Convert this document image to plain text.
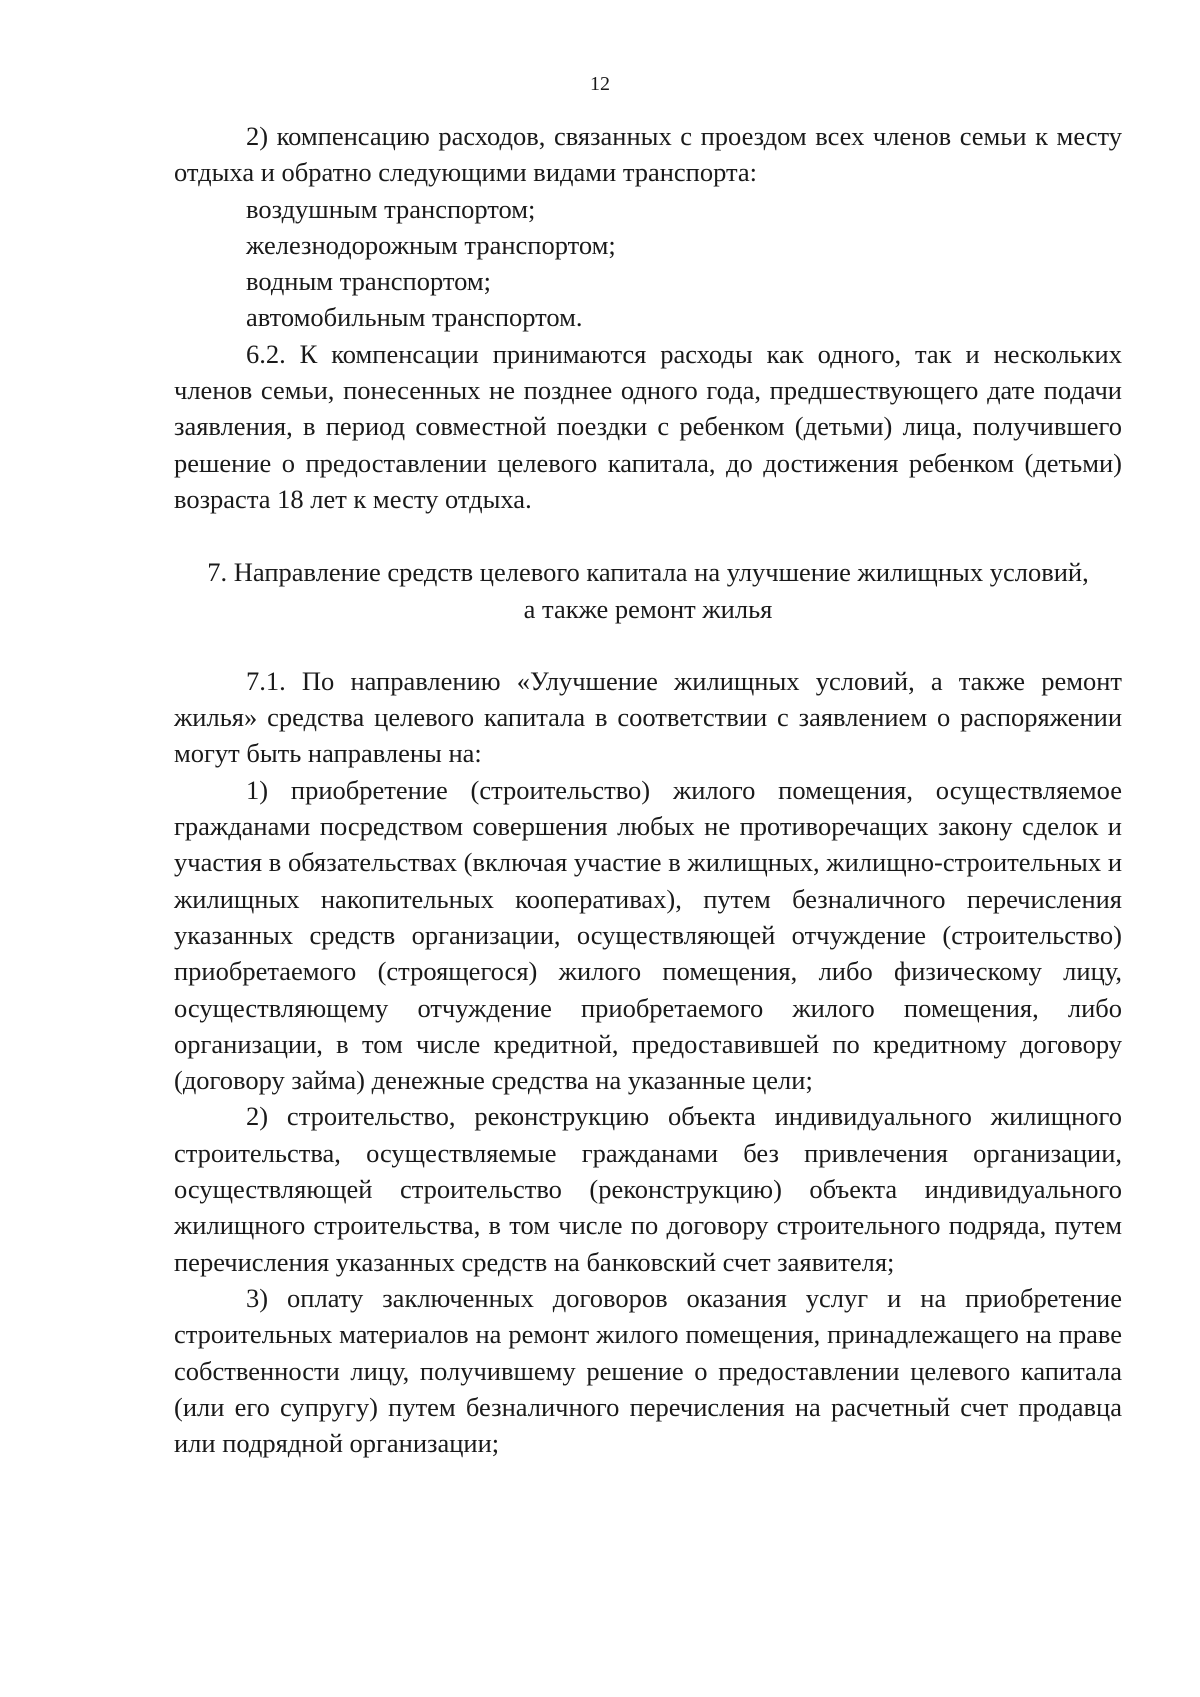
12

2) компенсацию расходов, связанных с проездом всех членов семьи к месту отдыха и обратно следующими видами транспорта:

воздушным транспортом;

железнодорожным транспортом;

водным транспортом;

автомобильным транспортом.

6.2. К компенсации принимаются расходы как одного, так и нескольких членов семьи, понесенных не позднее одного года, предшествующего дате подачи заявления, в период совместной поездки с ребенком (детьми) лица, получившего решение о предоставлении целевого капитала, до достижения ребенком (детьми) возраста 18 лет к месту отдыха.

7. Направление средств целевого капитала на улучшение жилищных условий,
а также ремонт жилья

7.1. По направлению «Улучшение жилищных условий, а также ремонт жилья» средства целевого капитала в соответствии с заявлением о распоряжении могут быть направлены на:

1) приобретение (строительство) жилого помещения, осуществляемое гражданами посредством совершения любых не противоречащих закону сделок и участия в обязательствах (включая участие в жилищных, жилищно-строительных и жилищных накопительных кооперативах), путем безналичного перечисления указанных средств организации, осуществляющей отчуждение (строительство) приобретаемого (строящегося) жилого помещения, либо физическому лицу, осуществляющему отчуждение приобретаемого жилого помещения, либо организации, в том числе кредитной, предоставившей по кредитному договору (договору займа) денежные средства на указанные цели;

2) строительство, реконструкцию объекта индивидуального жилищного строительства, осуществляемые гражданами без привлечения организации, осуществляющей строительство (реконструкцию) объекта индивидуального жилищного строительства, в том числе по договору строительного подряда, путем перечисления указанных средств на банковский счет заявителя;

3) оплату заключенных договоров оказания услуг и на приобретение строительных материалов на ремонт жилого помещения, принадлежащего на праве собственности лицу, получившему решение о предоставлении целевого капитала (или его супругу) путем безналичного перечисления на расчетный счет продавца или подрядной организации;
